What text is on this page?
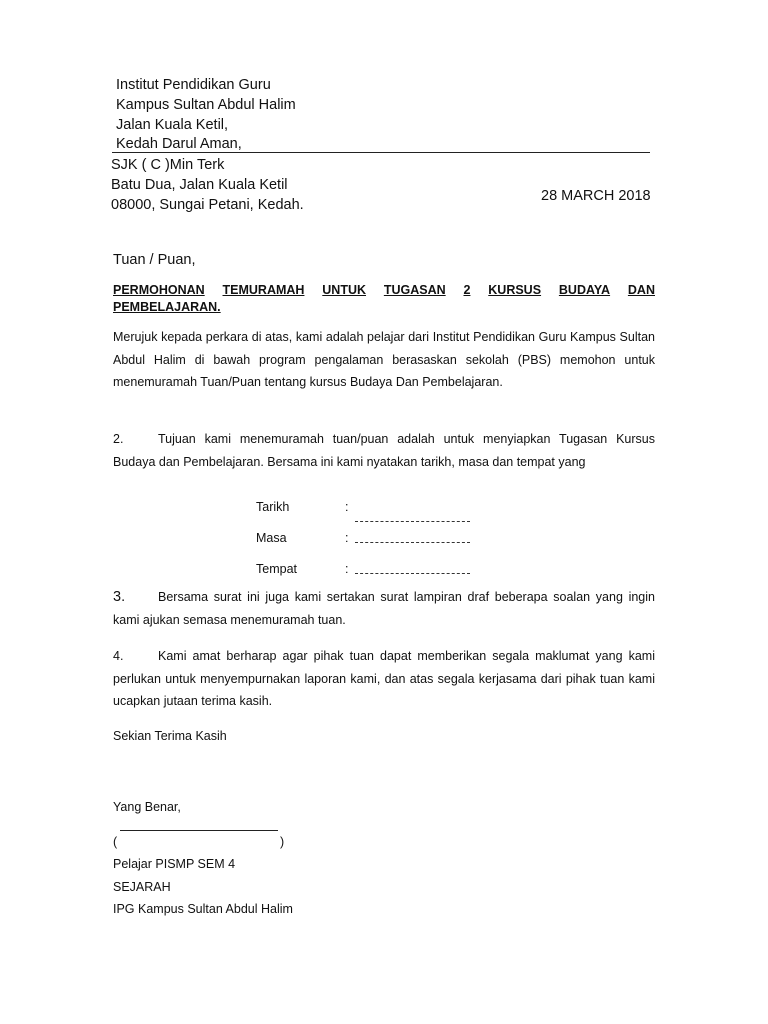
Institut Pendidikan Guru
Kampus Sultan Abdul Halim
Jalan Kuala Ketil,
Kedah Darul Aman,
SJK ( C )Min Terk
Batu Dua, Jalan Kuala Ketil
08000, Sungai Petani, Kedah.
28 MARCH 2018
Tuan / Puan,
PERMOHONAN TEMURAMAH UNTUK TUGASAN 2 KURSUS BUDAYA DAN
PEMBELAJARAN.
Merujuk kepada perkara di atas, kami adalah pelajar dari Institut Pendidikan Guru Kampus Sultan Abdul Halim di bawah program pengalaman berasaskan sekolah (PBS) memohon untuk menemuramah Tuan/Puan tentang kursus Budaya Dan Pembelajaran.
2.	Tujuan kami menemuramah tuan/puan adalah untuk menyiapkan Tugasan Kursus Budaya dan Pembelajaran. Bersama ini kami nyatakan tarikh, masa dan tempat yang
Tarikh	:
Masa	:
Tempat	:
3.	Bersama surat ini juga kami sertakan surat lampiran draf beberapa soalan yang ingin kami ajukan semasa menemuramah tuan.
4.	Kami amat berharap agar pihak tuan dapat memberikan segala maklumat yang kami perlukan untuk menyempurnakan laporan kami, dan atas segala kerjasama dari pihak tuan kami ucapkan jutaan terima kasih.
Sekian Terima Kasih
Yang Benar,
(	)
Pelajar PISMP SEM 4
SEJARAH
IPG Kampus Sultan Abdul Halim
